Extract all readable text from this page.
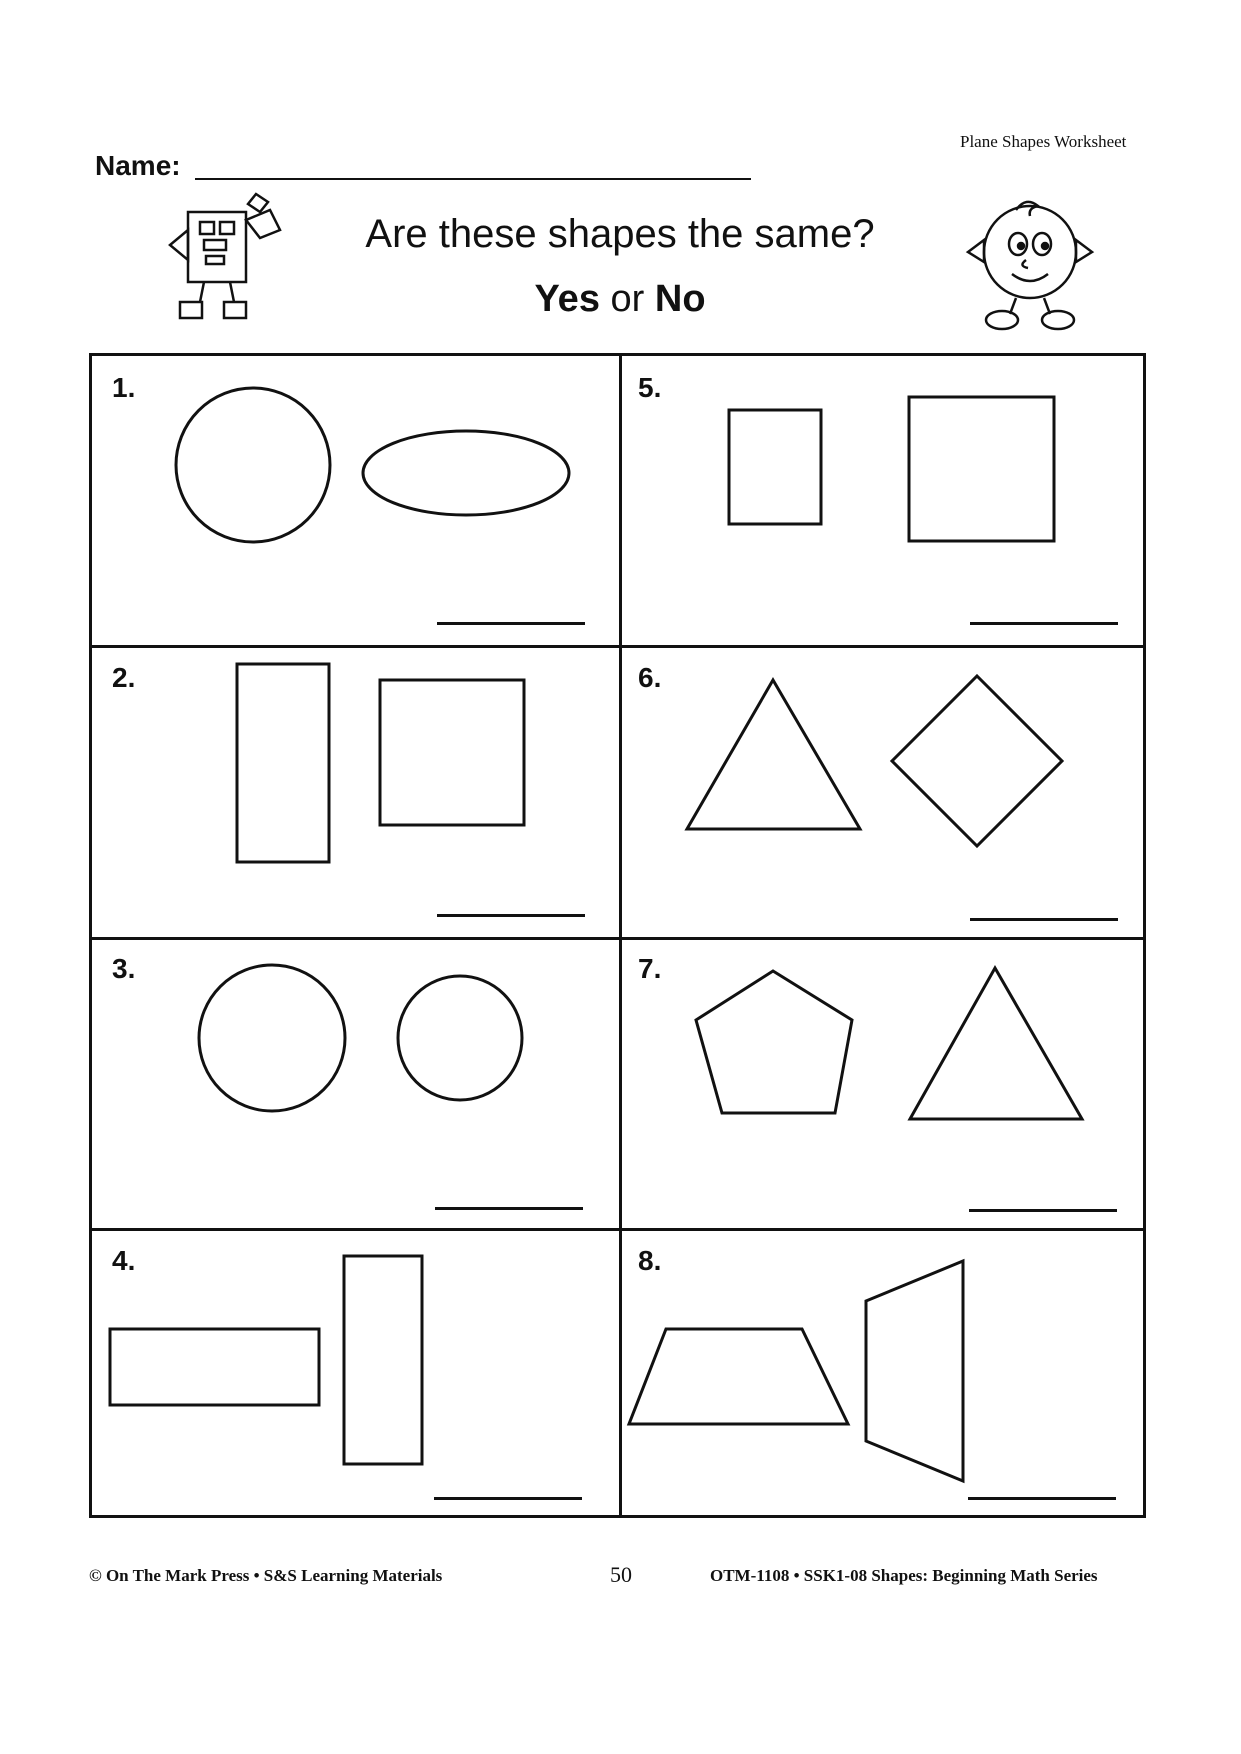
Plane Shapes Worksheet
Name:
Are these shapes the same?
Yes or No
1.
2.
3.
4.
5.
6.
7.
8.
© On The Mark Press • S&S Learning Materials	50	OTM-1108 • SSK1-08 Shapes: Beginning Math Series
